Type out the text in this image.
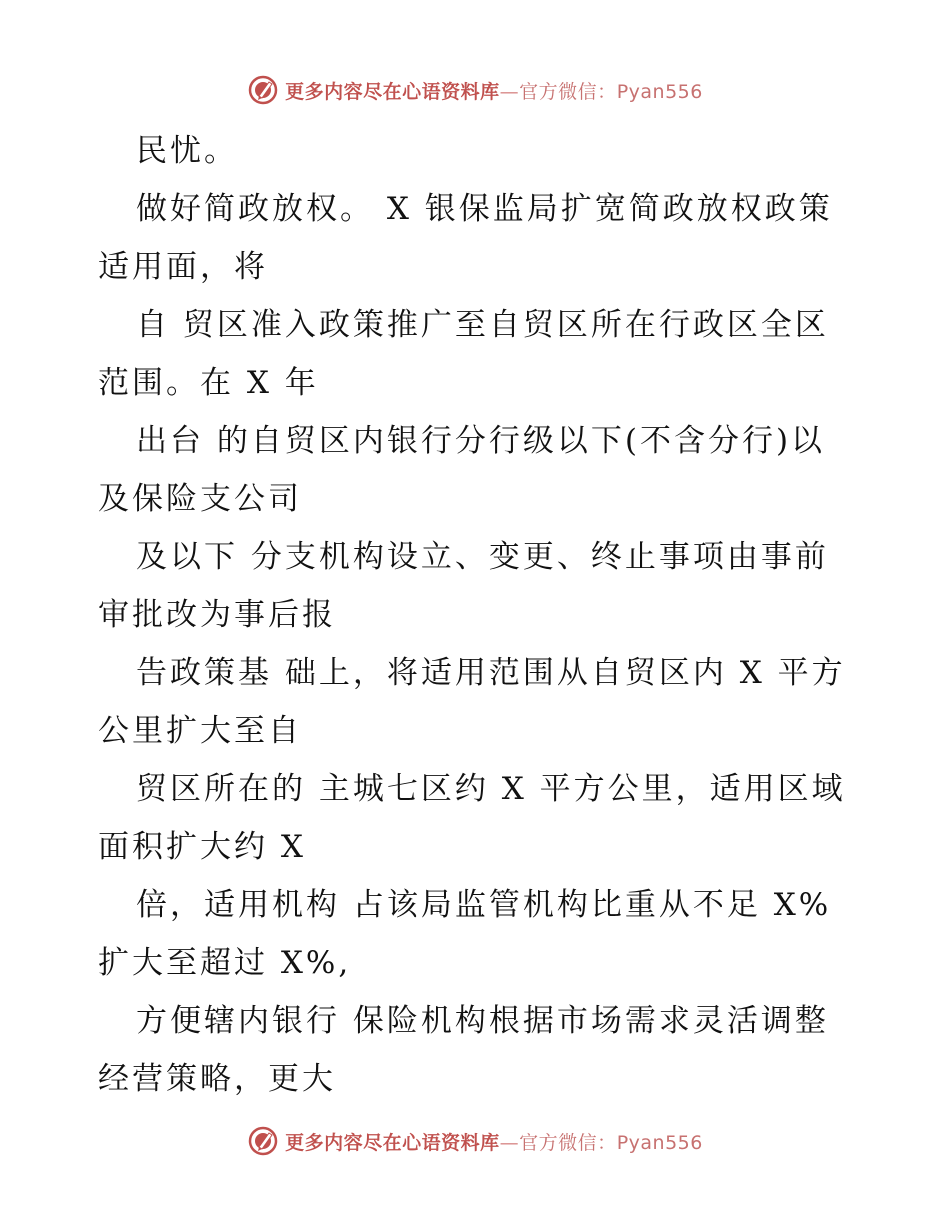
更多内容尽在心语资料库—官方微信：Pyan556

民忧。

做好简政放权。 X 银保监局扩宽简政放权政策

适用面，将

自 贸区准入政策推广至自贸区所在行政区全区

范围。在 X 年

出台 的自贸区内银行分行级以下(不含分行)以

及保险支公司

及以下 分支机构设立、变更、终止事项由事前

审批改为事后报

告政策基 础上，将适用范围从自贸区内 X 平方

公里扩大至自

贸区所在的 主城七区约 X 平方公里，适用区域

面积扩大约 X

倍，适用机构 占该局监管机构比重从不足 X%

扩大至超过 X%,

方便辖内银行 保险机构根据市场需求灵活调整

经营策略，更大

更多内容尽在心语资料库—官方微信：Pyan556
